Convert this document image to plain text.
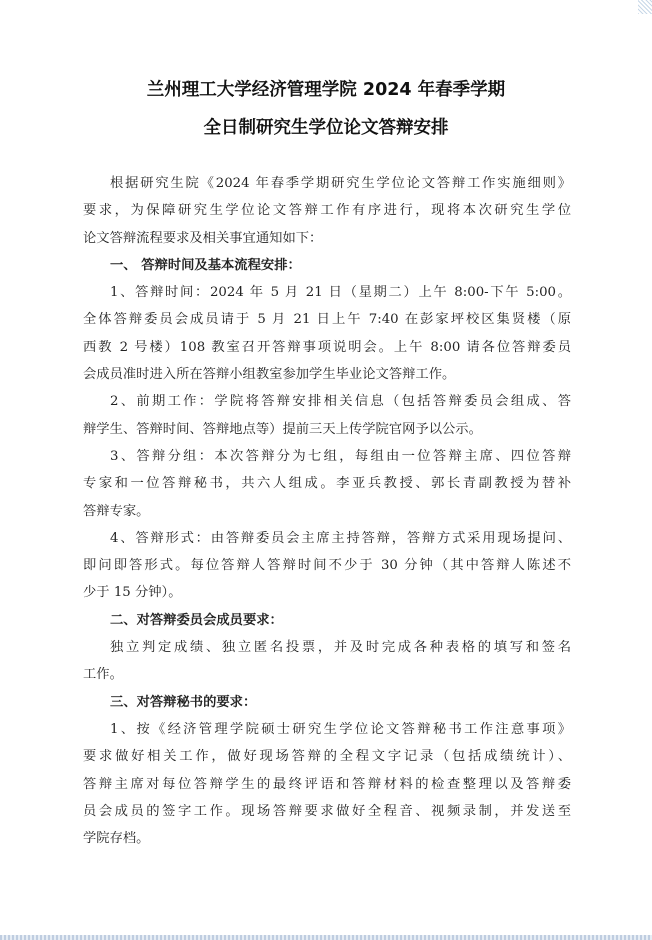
兰州理工大学经济管理学院 2024 年春季学期
全日制研究生学位论文答辩安排
根据研究生院《2024 年春季学期研究生学位论文答辩工作实施细则》
要求，为保障研究生学位论文答辩工作有序进行，现将本次研究生学位
论文答辩流程要求及相关事宜通知如下：
一、 答辩时间及基本流程安排：
1、答辩时间：2024 年 5 月 21 日（星期二）上午 8:00-下午 5:00。
全体答辩委员会成员请于 5 月 21 日上午 7:40 在彭家坪校区集贤楼（原
西教 2 号楼）108 教室召开答辩事项说明会。上午 8:00 请各位答辩委员
会成员准时进入所在答辩小组教室参加学生毕业论文答辩工作。
2、前期工作：学院将答辩安排相关信息（包括答辩委员会组成、答
辩学生、答辩时间、答辩地点等）提前三天上传学院官网予以公示。
3、答辩分组：本次答辩分为七组，每组由一位答辩主席、四位答辩
专家和一位答辩秘书，共六人组成。李亚兵教授、郭长青副教授为替补
答辩专家。
4、答辩形式：由答辩委员会主席主持答辩，答辩方式采用现场提问、
即问即答形式。每位答辩人答辩时间不少于 30 分钟（其中答辩人陈述不
少于 15 分钟）。
二、对答辩委员会成员要求：
独立判定成绩、独立匿名投票，并及时完成各种表格的填写和签名
工作。
三、对答辩秘书的要求：
1、按《经济管理学院硕士研究生学位论文答辩秘书工作注意事项》
要求做好相关工作，做好现场答辩的全程文字记录（包括成绩统计）、
答辩主席对每位答辩学生的最终评语和答辩材料的检查整理以及答辩委
员会成员的签字工作。现场答辩要求做好全程音、视频录制，并发送至
学院存档。
